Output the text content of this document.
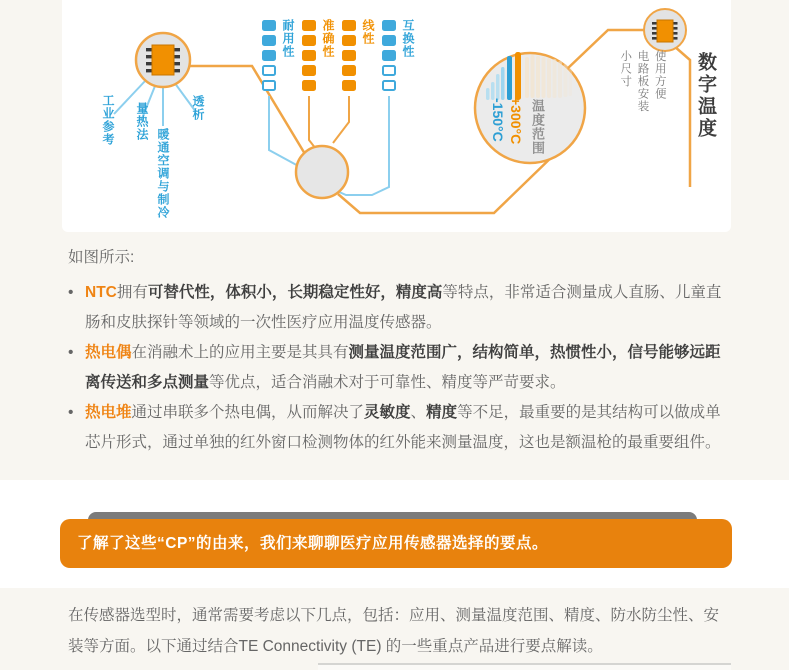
工业参考 量热法	透析
暖通空调与制冷
耐用性 准确性 线性 互换性
-150°C +300°C 温度范围
使用方便
电路板安装
小尺寸	数字温度

如图所示:

• NTC拥有可替代性，体积小，长期稳定性好，精度高等特点，非常适合测量成人直肠、儿童直肠和皮肤探针等领域的一次性医疗应用温度传感器。
• 热电偶在消融术上的应用主要是其具有测量温度范围广，结构简单，热惯性小，信号能够远距离传送和多点测量等优点，适合消融术对于可靠性、精度等严苛要求。
• 热电堆通过串联多个热电偶，从而解决了灵敏度、精度等不足，最重要的是其结构可以做成单芯片形式，通过单独的红外窗口检测物体的红外能来测量温度，这也是额温枪的最重要组件。
了解了这些“CP”的由来，我们来聊聊医疗应用传感器选择的要点。

在传感器选型时，通常需要考虑以下几点，包括：应用、测量温度范围、精度、防水防尘性、安装等方面。以下通过结合TE Connectivity (TE) 的一些重点产品进行要点解读。
